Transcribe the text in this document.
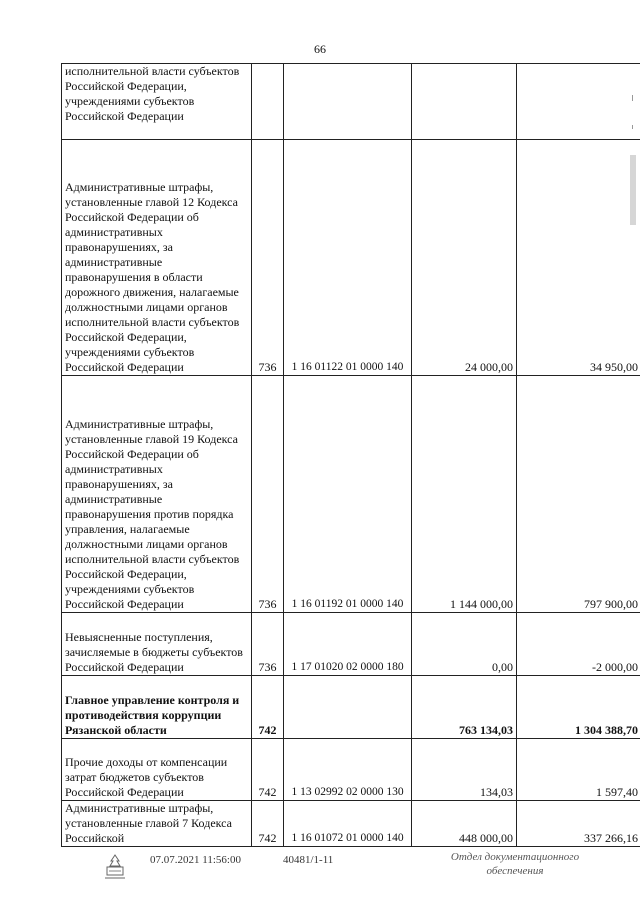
66
исполнительной власти субъектов Российской Федерации, учреждениями субъектов Российской Федерации				
Административные штрафы, установленные главой 12 Кодекса Российской Федерации об административных правонарушениях, за административные правонарушения в области дорожного движения, налагаемые должностными лицами органов исполнительной власти субъектов Российской Федерации, учреждениями субъектов Российской Федерации	736	1 16 01122 01 0000 140	24 000,00	34 950,00
Административные штрафы, установленные главой 19 Кодекса Российской Федерации об административных правонарушениях, за административные правонарушения против порядка управления, налагаемые должностными лицами органов исполнительной власти субъектов Российской Федерации, учреждениями субъектов Российской Федерации	736	1 16 01192 01 0000 140	1 144 000,00	797 900,00
Невыясненные поступления, зачисляемые в бюджеты субъектов Российской Федерации	736	1 17 01020 02 0000 180	0,00	-2 000,00
Главное управление контроля и противодействия коррупции Рязанской области	742		763 134,03	1 304 388,70
Прочие доходы от компенсации затрат бюджетов субъектов Российской Федерации	742	1 13 02992 02 0000 130	134,03	1 597,40
Административные штрафы, установленные главой 7 Кодекса Российской	742	1 16 01072 01 0000 140	448 000,00	337 266,16
07.07.2021 11:56:00	40481/1-11	Отдел документационного обеспечения
